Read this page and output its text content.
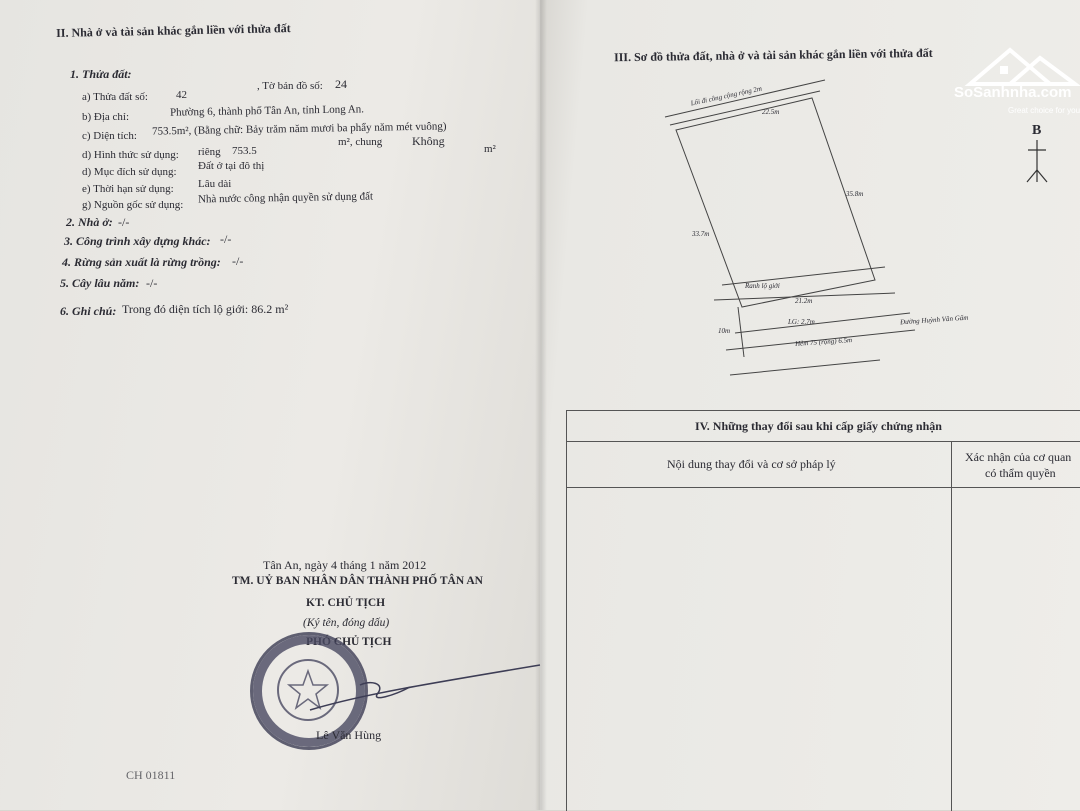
II. Nhà ở và tài sản khác gắn liền với thửa đất
1. Thửa đất:
a) Thửa đất số:	42
, Tờ bản đồ số: 24
b) Địa chỉ:	Phường 6, thành phố Tân An, tỉnh Long An.
c) Diện tích: 753.5m², (Bằng chữ: Bảy trăm năm mươi ba phẩy năm mét vuông)
d) Hình thức sử dụng: riêng 753.5
m², chung Không
m²
d) Mục đích sử dụng: Đất ở tại đô thị
e) Thời hạn sử dụng: Lâu dài
g) Nguồn gốc sử dụng: Nhà nước công nhận quyền sử dụng đất
2. Nhà ở: -/-
3. Công trình xây dựng khác: -/-
4. Rừng sản xuất là rừng trồng: -/-
5. Cây lâu năm: -/-
6. Ghi chú: Trong đó diện tích lộ giới: 86.2 m²
Tân An, ngày 4 tháng 1 năm 2012
TM. UỶ BAN NHÂN DÂN THÀNH PHỐ TÂN AN
KT. CHỦ TỊCH
(Ký tên, đóng dấu)
PHÓ CHỦ TỊCH
Lê Văn Hùng
CH 01811
III. Sơ đồ thửa đất, nhà ở và tài sản khác gắn liền với thửa đất
B
Lối đi công cộng rộng 2m
22.5m
35.8m
33.7m
Ranh lộ giới
21.2m
LG: 2.7m	Đường Huỳnh Văn Gấm
10m
Hẻm 75 (rộng) 6.5m
IV. Những thay đổi sau khi cấp giấy chứng nhận
Nội dung thay đổi và cơ sở pháp lý	Xác nhận của cơ quan
có thẩm quyền
SoSanhnha.com
Great choice for you
